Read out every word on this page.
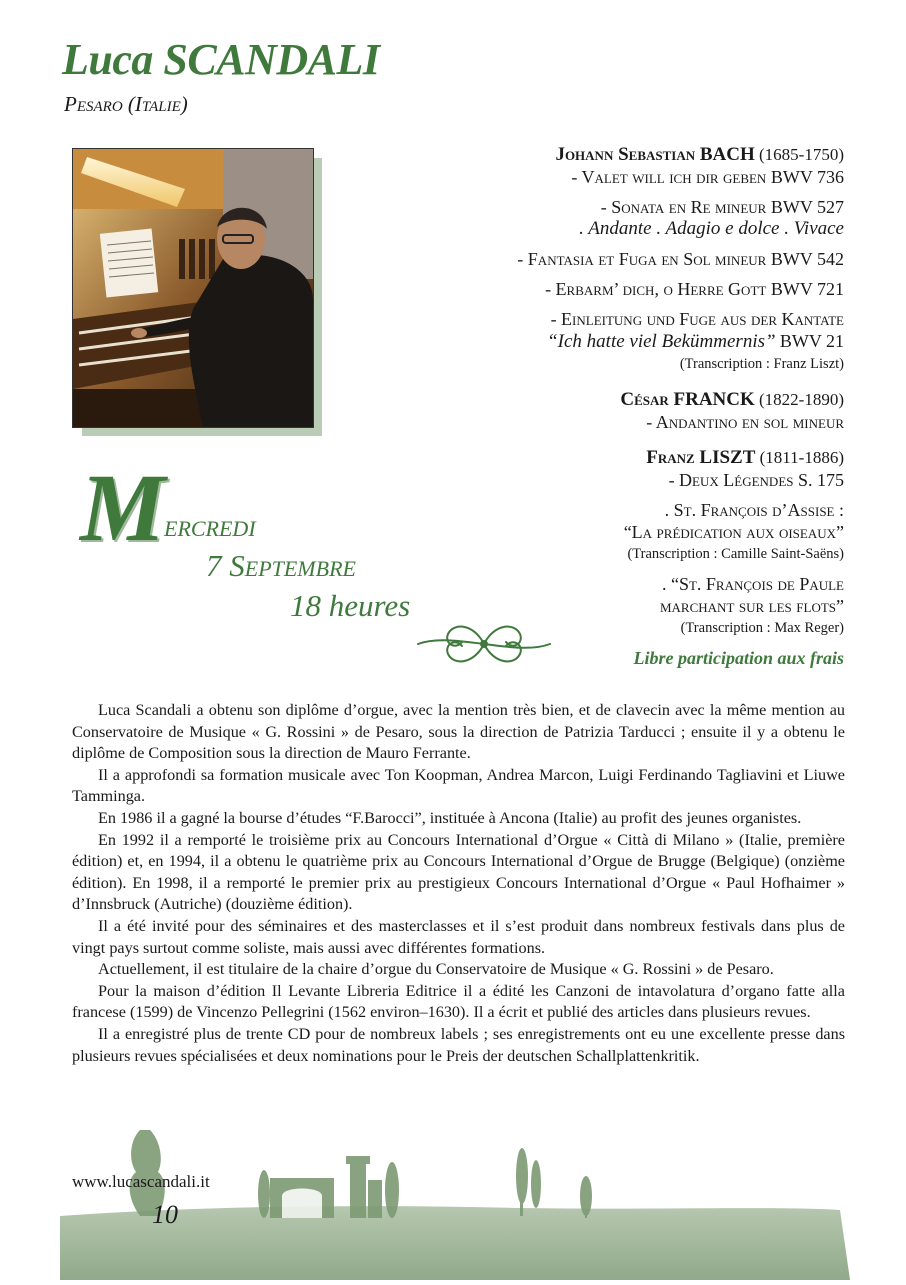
Luca SCANDALI
Pesaro (Italie)
Johann Sebastian BACH (1685-1750)
- Valet will ich dir geben BWV 736
- Sonata en Re mineur BWV 527
. Andante . Adagio e dolce . Vivace
- Fantasia et Fuga en Sol mineur BWV 542
- Erbarm’ dich, o Herre Gott BWV 721
- Einleitung und Fuge aus der Kantate
“Ich hatte viel Bekümmernis” BWV 21
(Transcription : Franz Liszt)
César FRANCK (1822-1890)
- Andantino en sol mineur
Franz LISZT (1811-1886)
- Deux Légendes S. 175
. St. François d’Assise :
“La prédication aux oiseaux”
(Transcription : Camille Saint-Saëns)
. “St. François de Paule
marchant sur les flots”
(Transcription : Max Reger)
Libre participation aux frais
M
ercredi
7 Septembre
18 heures

Luca Scandali a obtenu son diplôme d’orgue, avec la mention très bien, et de clavecin avec la même mention au Conservatoire de Musique « G. Rossini » de Pesaro, sous la direction de Patrizia Tarducci ; ensuite il y a obtenu le diplôme de Composition sous la direction de Mauro Ferrante.

Il a approfondi sa formation musicale avec Ton Koopman, Andrea Marcon, Luigi Ferdinando Tagliavini et Liuwe Tamminga.

En 1986 il a gagné la bourse d’études “F.Barocci”, instituée à Ancona (Italie) au profit des jeunes organistes.

En 1992 il a remporté le troisième prix au Concours International d’Orgue « Città di Milano » (Italie, première édition) et, en 1994, il a obtenu le quatrième prix au Concours International d’Orgue de Brugge (Belgique) (onzième édition). En 1998, il a remporté le premier prix au prestigieux Concours International d’Orgue « Paul Hofhaimer » d’Innsbruck (Autriche) (douzième édition).

Il a été invité pour des séminaires et des masterclasses et il s’est produit dans nombreux festivals dans plus de vingt pays surtout comme soliste, mais aussi avec différentes formations.

Actuellement, il est titulaire de la chaire d’orgue du Conservatoire de Musique « G. Rossini » de Pesaro.

Pour la maison d’édition Il Levante Libreria Editrice il a édité les Canzoni de intavolatura d’organo fatte alla francese (1599) de Vincenzo Pellegrini (1562 environ–1630). Il a écrit et publié des articles dans plusieurs revues.

Il a enregistré plus de trente CD pour de nombreux labels ; ses enregistrements ont eu une excellente presse dans plusieurs revues spécialisées et deux nominations pour le Preis der deutschen Schallplattenkritik.

www.lucascandali.it
10
